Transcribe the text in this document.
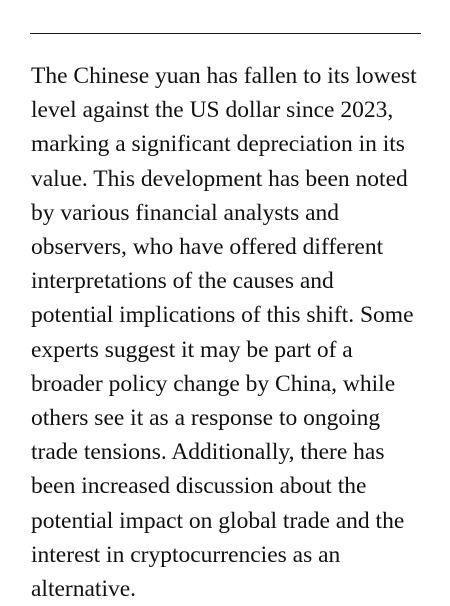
The Chinese yuan has fallen to its lowest
level against the US dollar since 2023,
marking a significant depreciation in its
value. This development has been noted
by various financial analysts and
observers, who have offered different
interpretations of the causes and
potential implications of this shift. Some
experts suggest it may be part of a
broader policy change by China, while
others see it as a response to ongoing
trade tensions. Additionally, there has
been increased discussion about the
potential impact on global trade and the
interest in cryptocurrencies as an
alternative.
